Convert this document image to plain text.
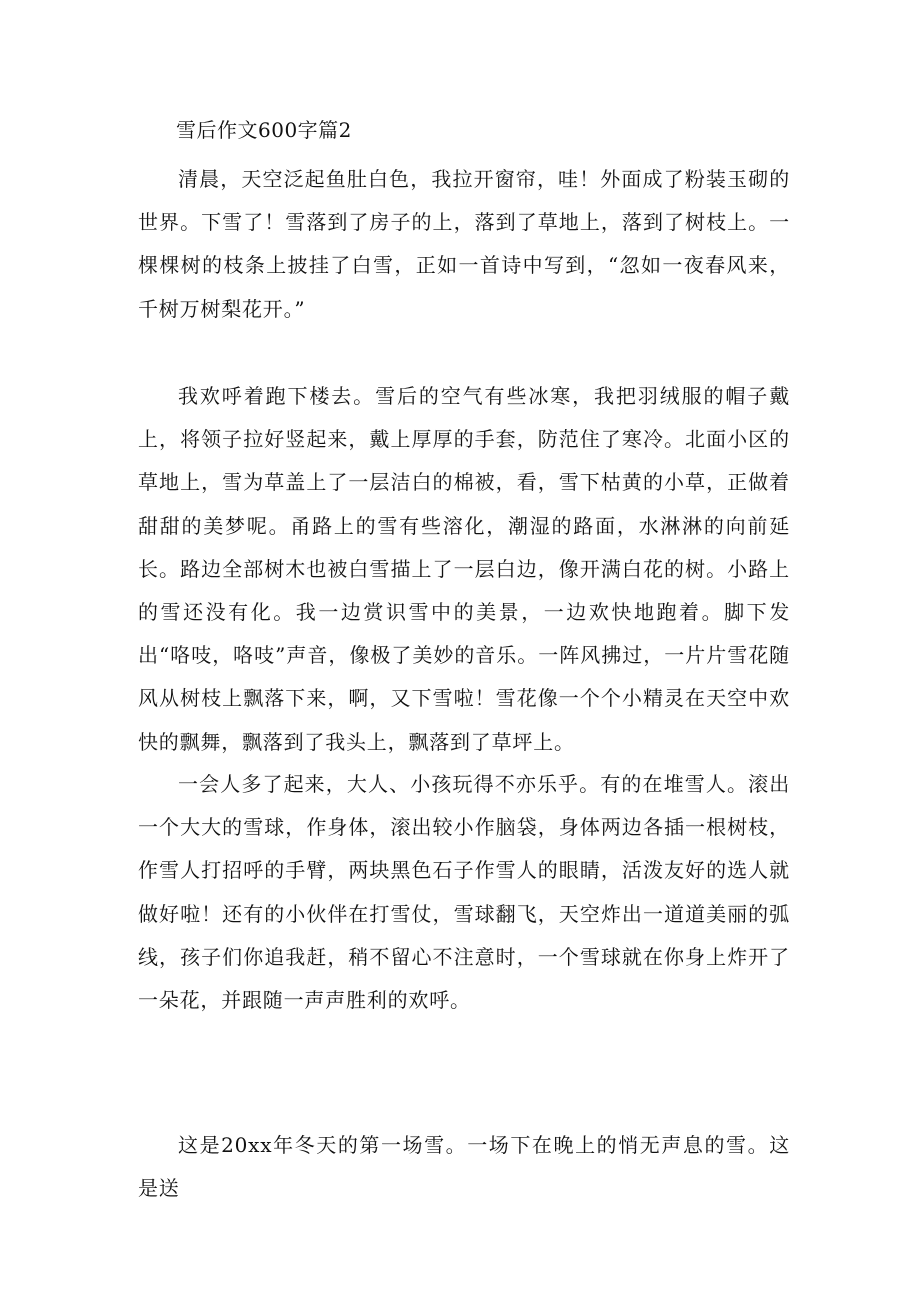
雪后作文600字篇2

清晨，天空泛起鱼肚白色，我拉开窗帘，哇！外面成了粉装玉砌的世界。下雪了！雪落到了房子的上，落到了草地上，落到了树枝上。一棵棵树的枝条上披挂了白雪，正如一首诗中写到，“忽如一夜春风来，千树万树梨花开。”

我欢呼着跑下楼去。雪后的空气有些冰寒，我把羽绒服的帽子戴上，将领子拉好竖起来，戴上厚厚的手套，防范住了寒冷。北面小区的草地上，雪为草盖上了一层洁白的棉被，看，雪下枯黄的小草，正做着甜甜的美梦呢。甬路上的雪有些溶化，潮湿的路面，水淋淋的向前延长。路边全部树木也被白雪描上了一层白边，像开满白花的树。小路上的雪还没有化。我一边赏识雪中的美景，一边欢快地跑着。脚下发出“咯吱，咯吱”声音，像极了美妙的音乐。一阵风拂过，一片片雪花随风从树枝上飘落下来，啊，又下雪啦！雪花像一个个小精灵在天空中欢快的飘舞，飘落到了我头上，飘落到了草坪上。

一会人多了起来，大人、小孩玩得不亦乐乎。有的在堆雪人。滚出一个大大的雪球，作身体，滚出较小作脑袋，身体两边各插一根树枝，作雪人打招呼的手臂，两块黑色石子作雪人的眼睛，活泼友好的选人就做好啦！还有的小伙伴在打雪仗，雪球翻飞，天空炸出一道道美丽的弧线，孩子们你追我赶，稍不留心不注意时，一个雪球就在你身上炸开了一朵花，并跟随一声声胜利的欢呼。

这是20xx年冬天的第一场雪。一场下在晚上的悄无声息的雪。这是送
